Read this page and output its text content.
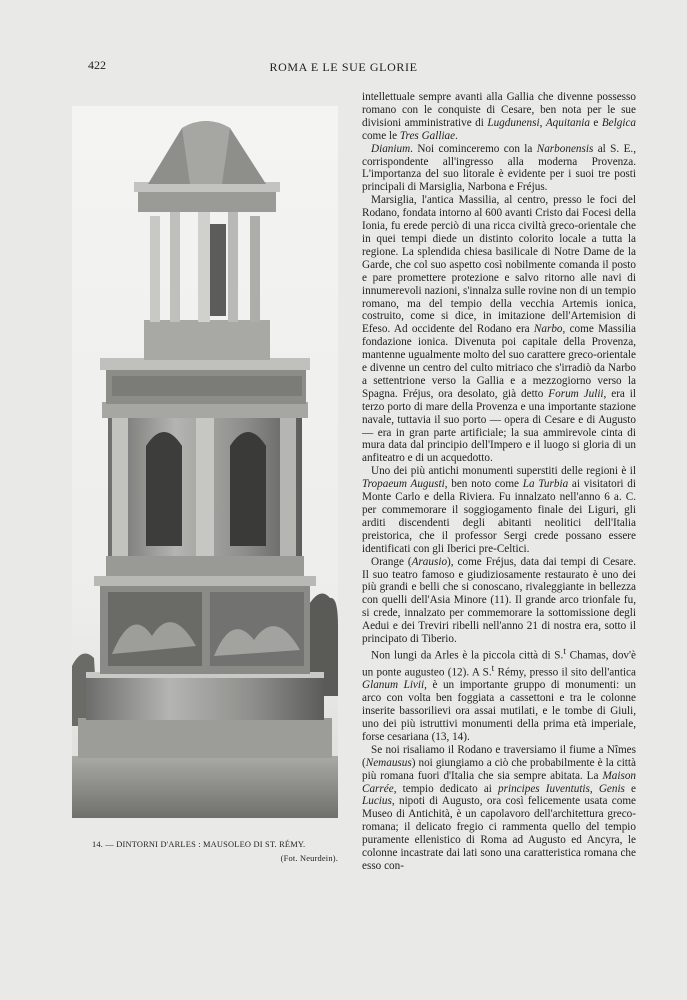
422	ROMA E LE SUE GLORIE
14. — DINTORNI D'ARLES : MAUSOLEO DI ST. RÉMY.
(Fot. Neurdein).

intellettuale sempre avanti alla Gallia che divenne possesso romano con le conquiste di Cesare, ben nota per le sue divisioni amministrative di Lugdunensi, Aquitania e Belgica come le Tres Galliae.

Dianium. Noi cominceremo con la Narbonensis al S. E., corrispondente all'ingresso alla moderna Provenza. L'importanza del suo litorale è evidente per i suoi tre posti principali di Marsiglia, Narbona e Fréjus.

Marsiglia, l'antica Massilia, al centro, presso le foci del Rodano, fondata intorno al 600 avanti Cristo dai Focesi della Ionia, fu erede perciò di una ricca civiltà greco-orientale che in quei tempi diede un distinto colorito locale a tutta la regione. La splendida chiesa basilicale di Notre Dame de la Garde, che col suo aspetto così nobilmente comanda il posto e pare promettere protezione e salvo ritorno alle navi di innumerevoli nazioni, s'innalza sulle rovine non di un tempio romano, ma del tempio della vecchia Artemis ionica, costruito, come si dice, in imitazione dell'Artemision di Efeso. Ad occidente del Rodano era Narbo, come Massilia fondazione ionica. Divenuta poi capitale della Provenza, mantenne ugualmente molto del suo carattere greco-orientale e divenne un centro del culto mitriaco che s'irradiò da Narbo a settentrione verso la Gallia e a mezzogiorno verso la Spagna. Fréjus, ora desolato, già detto Forum Julii, era il terzo porto di mare della Provenza e una importante stazione navale, tuttavia il suo porto — opera di Cesare e di Augusto — era in gran parte artificiale; la sua ammirevole cinta di mura data dal principio dell'Impero e il luogo si gloria di un anfiteatro e di un acquedotto.

Uno dei più antichi monumenti superstiti delle regioni è il Tropaeum Augusti, ben noto come La Turbia ai visitatori di Monte Carlo e della Riviera. Fu innalzato nell'anno 6 a. C. per commemorare il soggiogamento finale dei Liguri, gli arditi discendenti degli abitanti neolitici dell'Italia preistorica, che il professor Sergi crede possano essere identificati con gli Iberici pre-Celtici.

Orange (Arausio), come Fréjus, data dai tempi di Cesare. Il suo teatro famoso e giudiziosamente restaurato è uno dei più grandi e belli che si conoscano, rivaleggiante in bellezza con quelli dell'Asia Minore (11). Il grande arco trionfale fu, si crede, innalzato per commemorare la sottomissione degli Aedui e dei Treviri ribelli nell'anno 21 di nostra era, sotto il principato di Tiberio.

Non lungi da Arles è la piccola città di S.$^t$ Chamas, dov'è un ponte augusteo (12). A S.$^t$ Rémy, presso il sito dell'antica Glanum Livii, è un importante gruppo di monumenti: un arco con volta ben foggiata a cassettoni e tra le colonne inserite bassorilievi ora assai mutilati, e le tombe di Giuli, uno dei più istruttivi monumenti della prima età imperiale, forse cesariana (13, 14).

Se noi risaliamo il Rodano e traversiamo il fiume a Nîmes (Nemausus) noi giungiamo a ciò che probabilmente è la città più romana fuori d'Italia che sia sempre abitata. La Maison Carrée, tempio dedicato ai principes Iuventutis, Genis e Lucius, nipoti di Augusto, ora così felicemente usata come Museo di Antichità, è un capolavoro dell'architettura greco-romana; il delicato fregio ci rammenta quello del tempio puramente ellenistico di Roma ad Augusto ed Ancyra, le colonne incastrate dai lati sono una caratteristica romana che esso con-
